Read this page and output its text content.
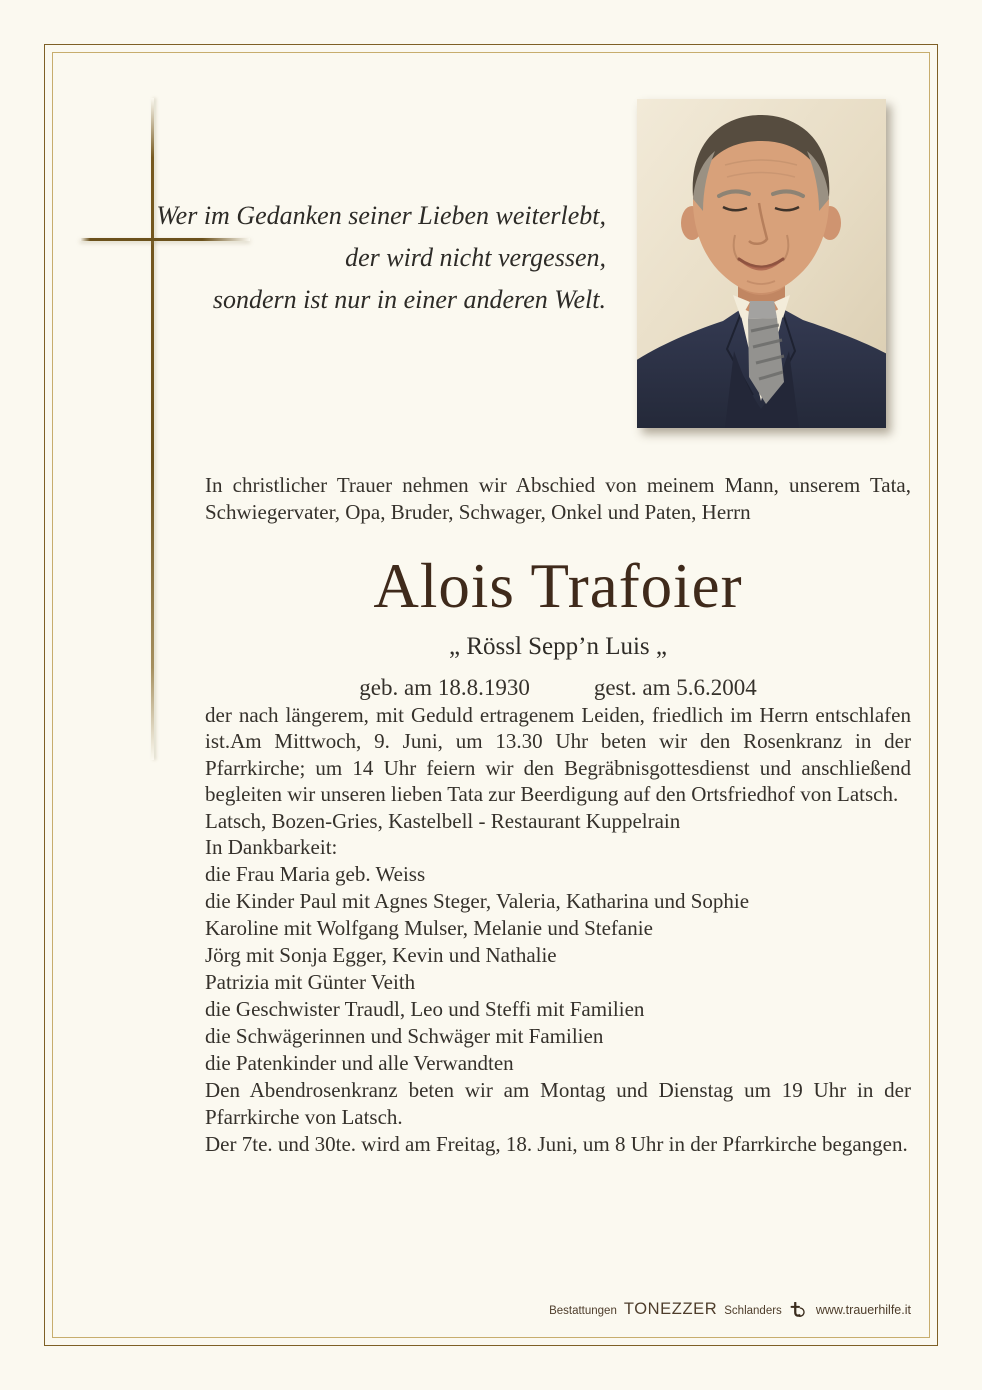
Wer im Gedanken seiner Lieben weiterlebt,
der wird nicht vergessen,
sondern ist nur in einer anderen Welt.

In christlicher Trauer nehmen wir Abschied von meinem Mann, unserem Tata, Schwiegervater, Opa, Bruder, Schwager, Onkel und Paten, Herrn

Alois Trafoier
„ Rössl Sepp’n Luis „
geb. am 18.8.1930	gest. am 5.6.2004

der nach längerem, mit Geduld ertragenem Leiden, friedlich im Herrn entschlafen ist.Am Mittwoch, 9. Juni, um 13.30 Uhr beten wir den Rosenkranz in der Pfarrkirche; um 14 Uhr feiern wir den Begräbnisgottesdienst und anschließend begleiten wir unseren lieben Tata zur Beerdigung auf den Ortsfriedhof von Latsch.

Latsch, Bozen-Gries, Kastelbell - Restaurant Kuppelrain

In Dankbarkeit:

die Frau Maria geb. Weiss
die Kinder Paul mit Agnes Steger, Valeria, Katharina und Sophie
Karoline mit Wolfgang Mulser, Melanie und Stefanie
Jörg mit Sonja Egger, Kevin und Nathalie
Patrizia mit Günter Veith
die Geschwister Traudl, Leo und Steffi mit Familien
die Schwägerinnen und Schwäger mit Familien
die Patenkinder und alle Verwandten

Den Abendrosenkranz beten wir am Montag und Dienstag um 19 Uhr in der Pfarrkirche von Latsch.

Der 7te. und 30te. wird am Freitag, 18. Juni, um 8 Uhr in der Pfarrkirche begangen.

Bestattungen TONEZZER Schlanders	www.trauerhilfe.it
